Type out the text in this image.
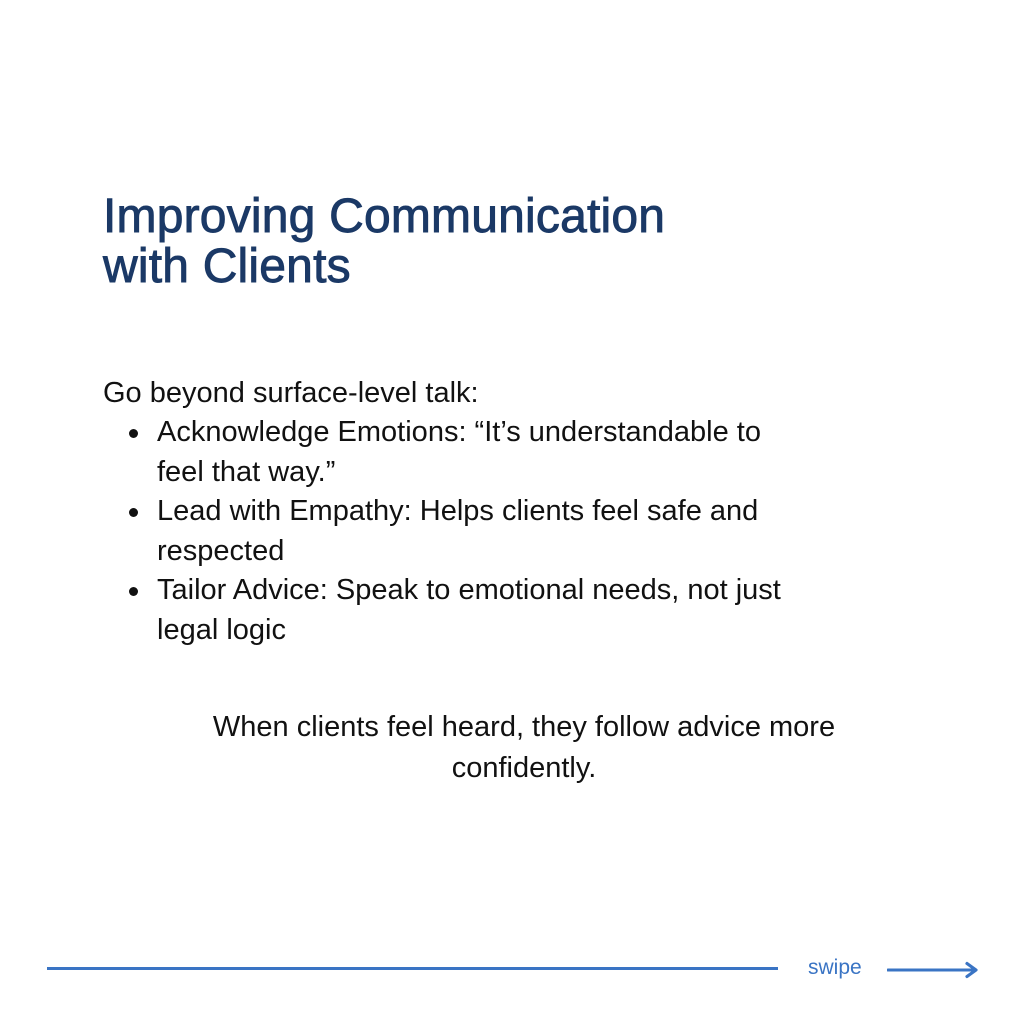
Improving Communication
with Clients

Go beyond surface-level talk:

Acknowledge Emotions: “It’s understandable to
feel that way.”
Lead with Empathy: Helps clients feel safe and
respected
Tailor Advice: Speak to emotional needs, not just
legal logic

When clients feel heard, they follow advice more
confidently.

swipe
